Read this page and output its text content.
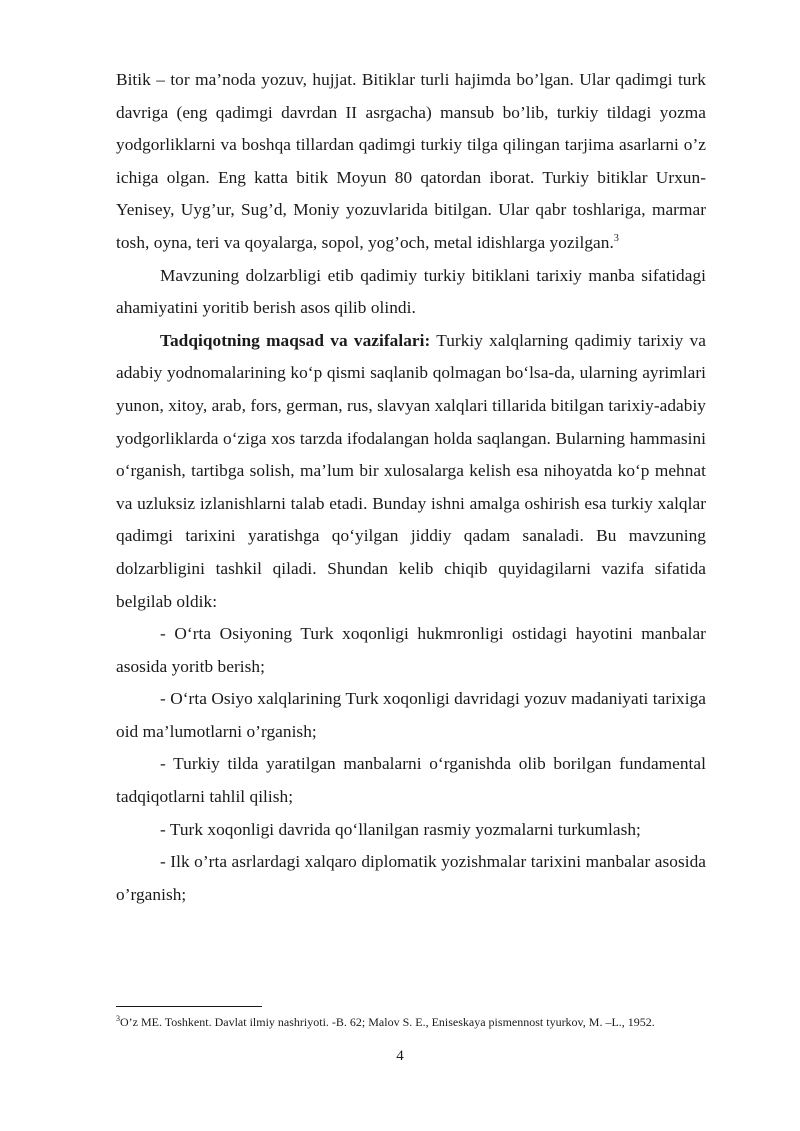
Bitik – tor ma’noda yozuv, hujjat. Bitiklar turli hajimda bo’lgan. Ular qadimgi turk davriga (eng qadimgi davrdan II asrgacha) mansub bo’lib, turkiy tildagi yozma yodgorliklarni va boshqa tillardan qadimgi turkiy tilga qilingan tarjima asarlarni o’z ichiga olgan. Eng katta bitik Moyun 80 qatordan iborat. Turkiy bitiklar Urxun-Yenisey, Uyg’ur, Sug’d, Moniy yozuvlarida bitilgan. Ular qabr toshlariga, marmar tosh, oyna, teri va qoyalarga, sopol, yog’och, metal idishlarga yozilgan.$^3$

Mavzuning dolzarbligi etib qadimiy turkiy bitiklani tarixiy manba sifatidagi ahamiyatini yoritib berish asos qilib olindi.

Tadqiqotning maqsad va vazifalari: Turkiy xalqlarning qadimiy tarixiy va adabiy yodnomalarining ko‘p qismi saqlanib qolmagan bo‘lsa-da, ularning ayrimlari yunon, xitoy, arab, fors, german, rus, slavyan xalqlari tillarida bitilgan tarixiy-adabiy yodgorliklarda o‘ziga xos tarzda ifodalangan holda saqlangan. Bularning hammasini o‘rganish, tartibga solish, ma’lum bir xulosalarga kelish esa nihoyatda ko‘p mehnat va uzluksiz izlanishlarni talab etadi. Bunday ishni amalga oshirish esa turkiy xalqlar qadimgi tarixini yaratishga qo‘yilgan jiddiy qadam sanaladi. Bu mavzuning dolzarbligini tashkil qiladi. Shundan kelib chiqib quyidagilarni vazifa sifatida belgilab oldik:

- O‘rta Osiyoning Turk xoqonligi hukmronligi ostidagi hayotini manbalar asosida yoritb berish;

- O‘rta Osiyo xalqlarining Turk xoqonligi davridagi yozuv madaniyati tarixiga oid ma’lumotlarni o’rganish;

- Turkiy tilda yaratilgan manbalarni o‘rganishda olib borilgan fundamental tadqiqotlarni tahlil qilish;

- Turk xoqonligi davrida qo‘llanilgan rasmiy yozmalarni turkumlash;

- Ilk o’rta asrlardagi xalqaro diplomatik yozishmalar tarixini manbalar asosida o’rganish;

$^3$O’z ME. Toshkent. Davlat ilmiy nashriyoti. -B. 62; Malov S. E., Eniseskaya pismennost tyurkov, M. –L., 1952.

4
